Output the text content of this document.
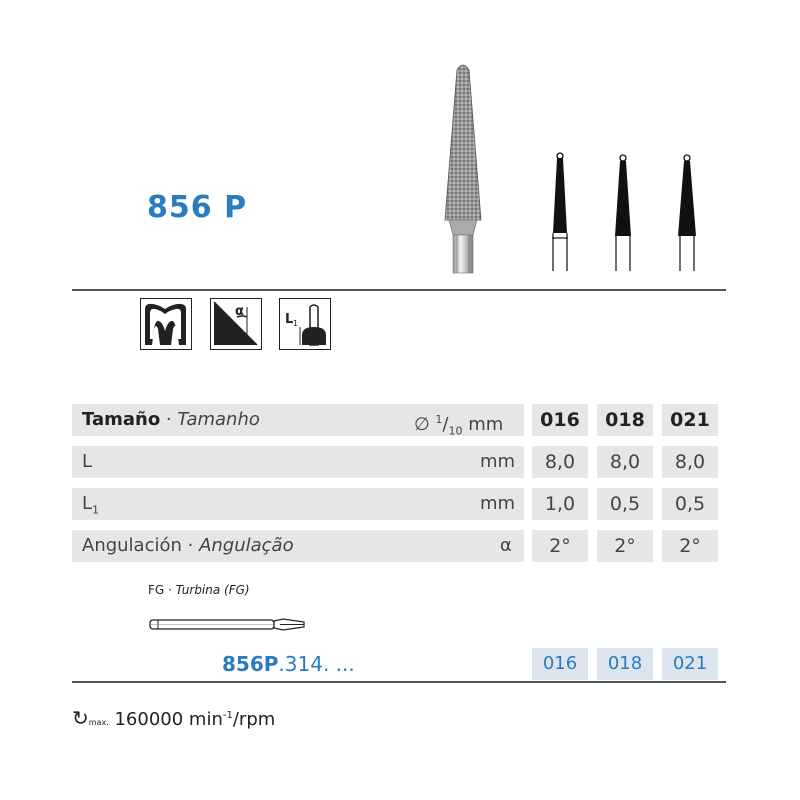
856 P
α
L 1
Tamaño · Tamanho	∅ $^1/_{10}$ mm	016	018	021
L	mm	8,0	8,0	8,0
$L_1$	mm	1,0	0,5	0,5
Angulación · Angulação	α	2°	2°	2°
FG · Turbina (FG)
856P.314. ...	016	018	021
↻max. 160000 $\min^{-1}$/rpm
